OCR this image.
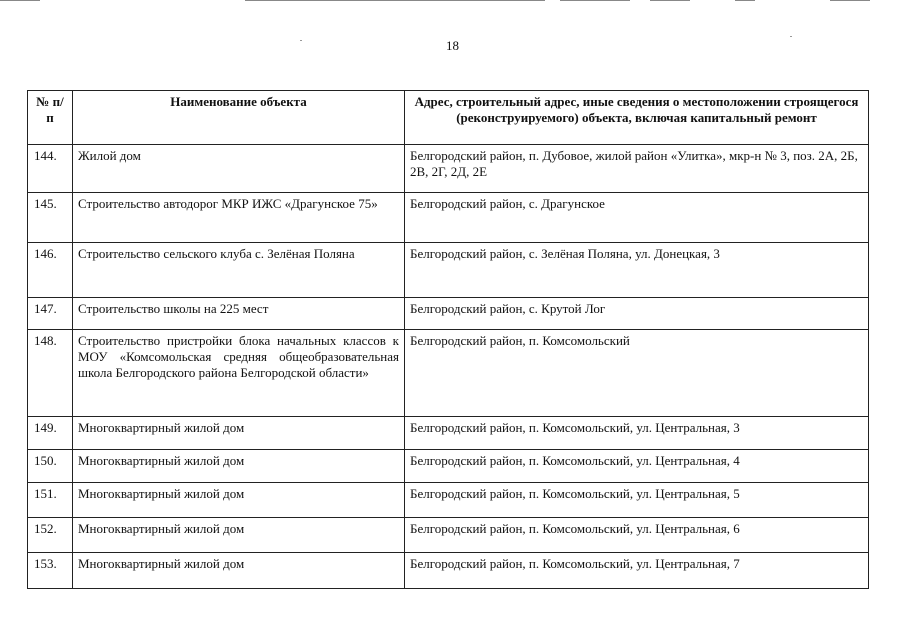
18
№ п/п	Наименование объекта	Адрес, строительный адрес, иные сведения о местоположении строящегося (реконструируемого) объекта, включая капитальный ремонт
144.	Жилой дом	Белгородский район, п. Дубовое, жилой район «Улитка», мкр-н № 3, поз. 2А, 2Б, 2В, 2Г, 2Д, 2Е
145.	Строительство автодорог МКР ИЖС «Драгунское 75»	Белгородский район, с. Драгунское
146.	Строительство сельского клуба с. Зелёная Поляна	Белгородский район, с. Зелёная Поляна, ул. Донецкая, 3
147.	Строительство школы на 225 мест	Белгородский район, с. Крутой Лог
148.	Строительство пристройки блока начальных классов к МОУ «Комсомольская средняя общеобразовательная школа Белгородского района Белгородской области»	Белгородский район, п. Комсомольский
149.	Многоквартирный жилой дом	Белгородский район, п. Комсомольский, ул. Центральная, 3
150.	Многоквартирный жилой дом	Белгородский район, п. Комсомольский, ул. Центральная, 4
151.	Многоквартирный жилой дом	Белгородский район, п. Комсомольский, ул. Центральная, 5
152.	Многоквартирный жилой дом	Белгородский район, п. Комсомольский, ул. Центральная, 6
153.	Многоквартирный жилой дом	Белгородский район, п. Комсомольский, ул. Центральная, 7
